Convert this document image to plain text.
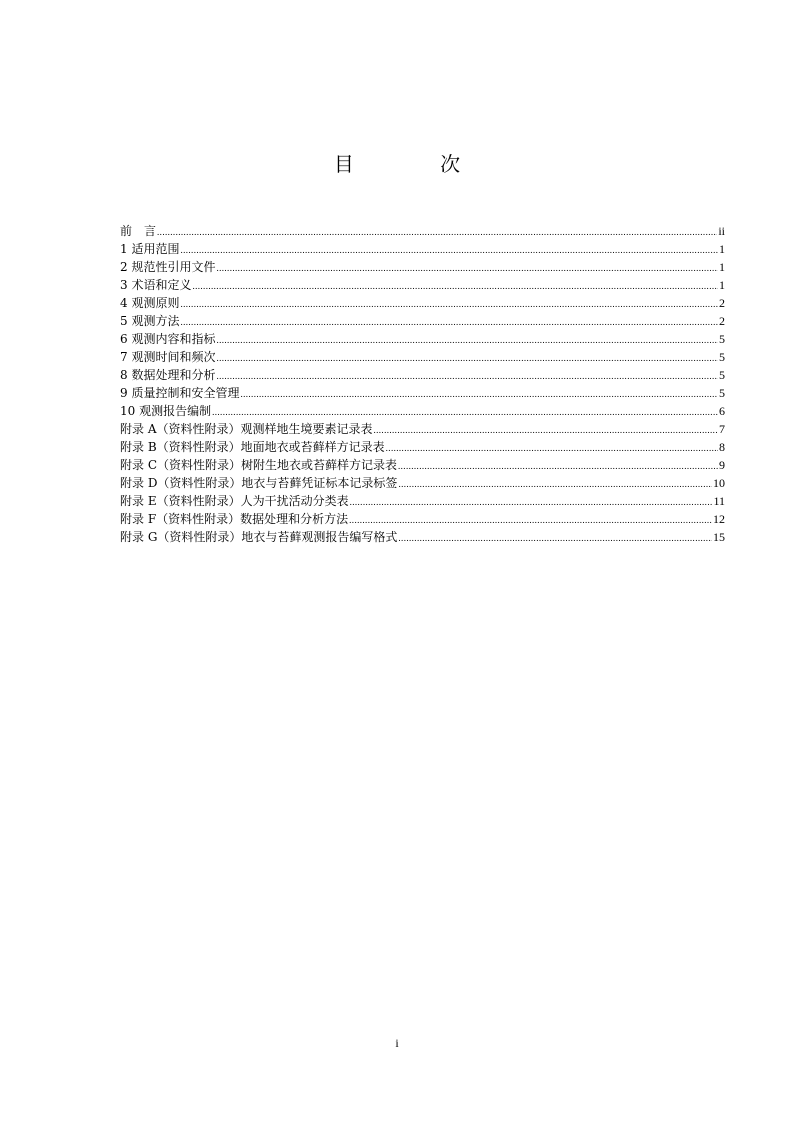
目 次
前　言 .....	ii
1 适用范围 .....	1
2 规范性引用文件 .....	1
3 术语和定义 .....	1
4 观测原则 .....	2
5 观测方法 .....	2
6 观测内容和指标 .....	5
7 观测时间和频次 .....	5
8 数据处理和分析 .....	5
9 质量控制和安全管理 .....	5
10 观测报告编制 .....	6
附录 A（资料性附录）观测样地生境要素记录表 .....	7
附录 B（资料性附录）地面地衣或苔藓样方记录表 .....	8
附录 C（资料性附录）树附生地衣或苔藓样方记录表 .....	9
附录 D（资料性附录）地衣与苔藓凭证标本记录标签 .....	10
附录 E（资料性附录）人为干扰活动分类表 .....	11
附录 F（资料性附录）数据处理和分析方法 .....	12
附录 G（资料性附录）地衣与苔藓观测报告编写格式 .....	15
i
